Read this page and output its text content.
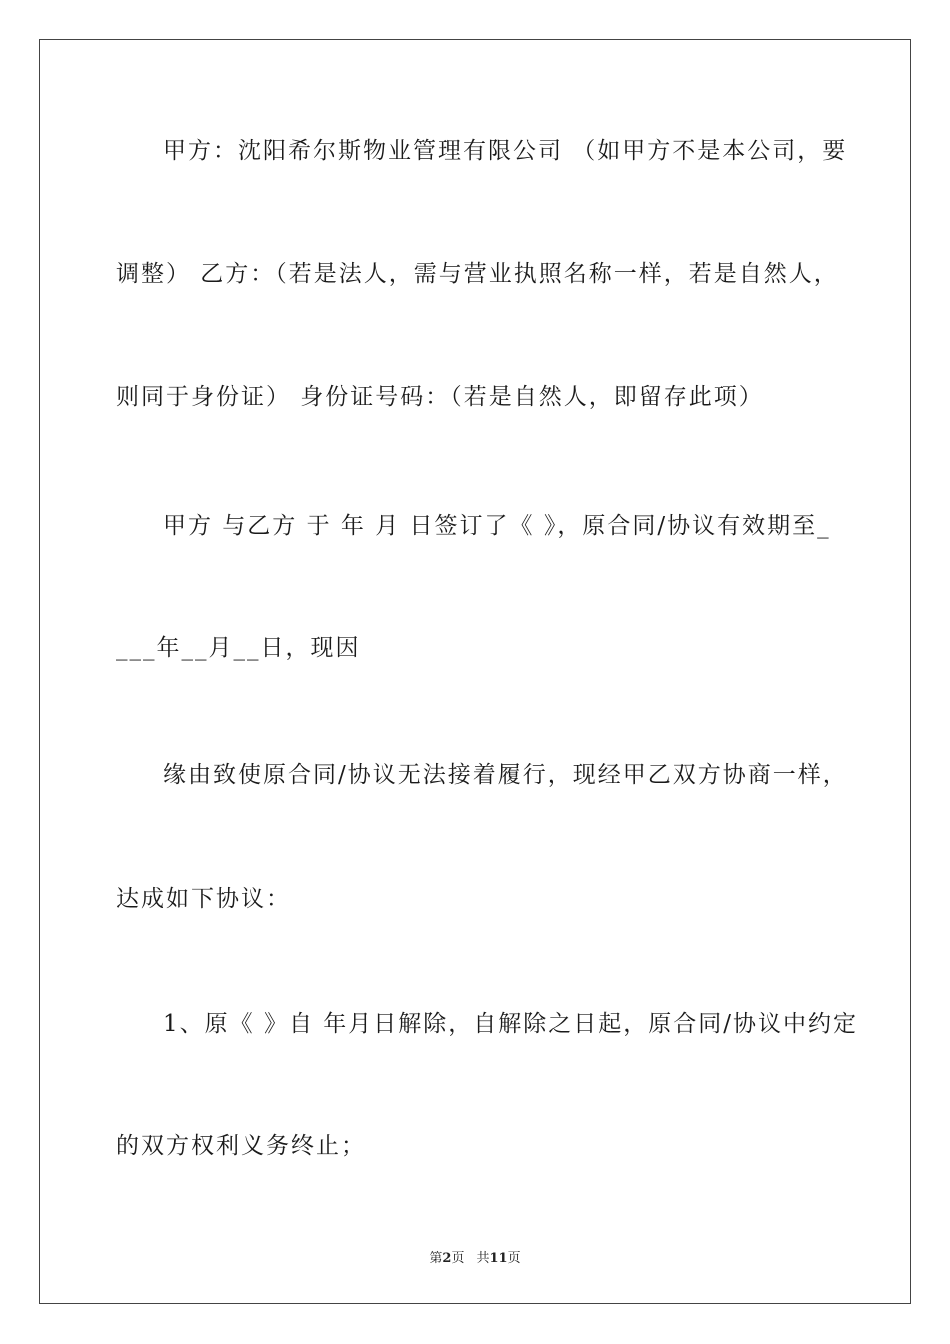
甲方：沈阳希尔斯物业管理有限公司 （如甲方不是本公司，要
调整） 乙方：（若是法人，需与营业执照名称一样，若是自然人，
则同于身份证） 身份证号码：（若是自然人，即留存此项）
甲方 与乙方 于 年 月 日签订了《 》，原合同/协议有效期至_
___年__月__日，现因
缘由致使原合同/协议无法接着履行，现经甲乙双方协商一样，
达成如下协议：
1、原《 》自 年月日解除，自解除之日起，原合同/协议中约定
的双方权利义务终止；
第2页 共11页
